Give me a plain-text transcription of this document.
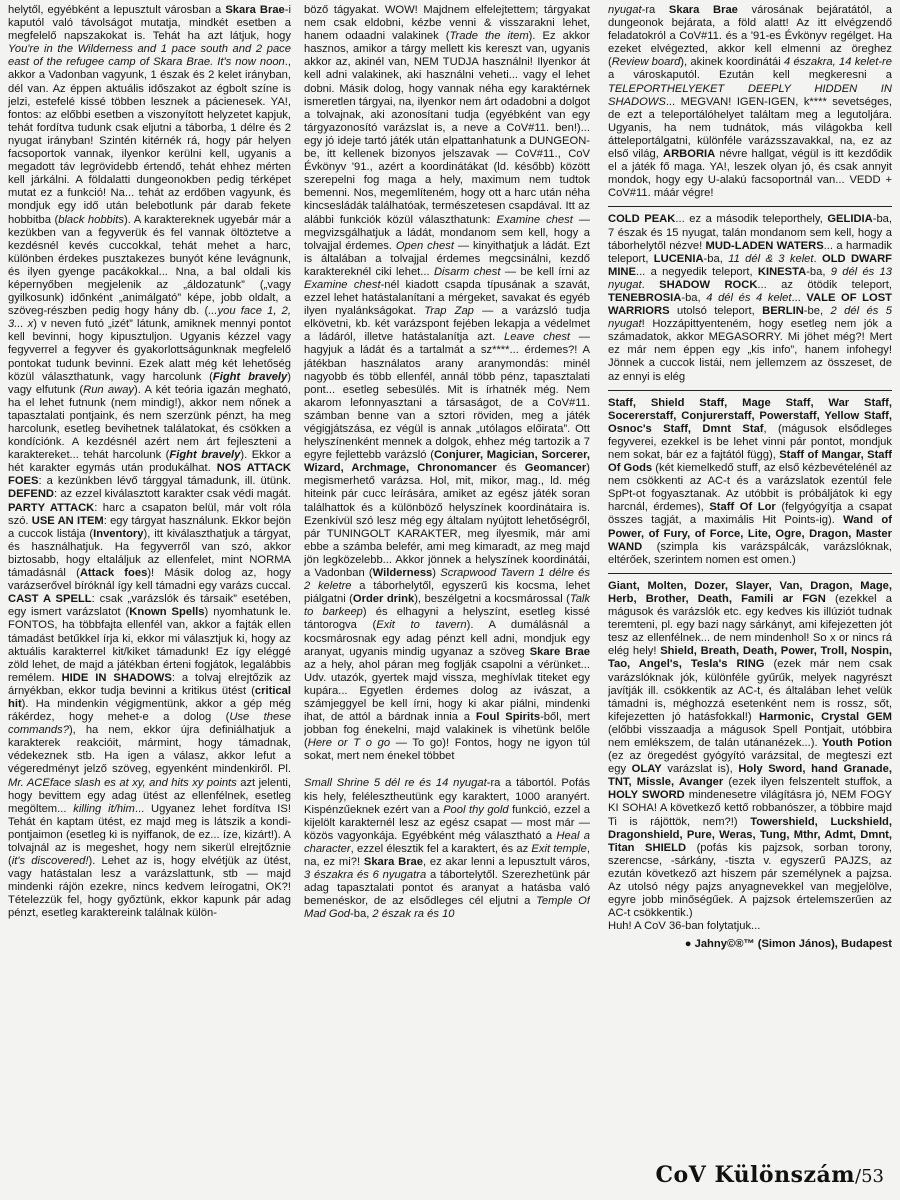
helytől, egyébként a lepusztult városban a Skara Brae-i kaputól való távolságot mutatja, mindkét esetben a megfelelő napszakokat is. Tehát ha azt látjuk, hogy You're in the Wilderness and 1 pace south and 2 pace east of the refugee camp of Skara Brae. It's now noon., akkor a Vadonban vagyunk, 1 észak és 2 kelet irányban, dél van. Az éppen aktuális időszakot az égbolt színe is jelzi, estefelé kissé többen lesznek a pácienesek. YA!, fontos: az előbbi esetben a viszonyított helyzetet kapjuk, tehát fordítva tudunk csak eljutni a táborba, 1 délre és 2 nyugat irányban! Szintén kitérnék rá, hogy pár helyen facsoportok vannak, ilyenkor kerülni kell, ugyanis a megadott táv legrövidebb értendő, tehát ehhez mérten kell járkálni. A földalatti dungeonokben pedig térképet mutat ez a funkció! Na... tehát az erdőben vagyunk, és mondjuk egy idő után belebotlunk pár darab fekete hobbitba (black hobbits). A karaktereknek ugyebár már a kezükben van a fegyverük és fel vannak öltöztetve a kezdésnél kevés cuccokkal, tehát mehet a harc, különben érdekes pusztakezes bunyót kéne levágnunk, és ilyen gyenge pacákokkal... Nna, a bal oldali kis képernyőben megjelenik az „áldozatunk” („vagy gyilkosunk) időnként „animálgató” képe, jobb oldalt, a szöveg-részben pedig hogy hány db. (...you face 1, 2, 3... x) v neven futó „izét” látunk, amiknek mennyi pontot kell bevinni, hogy kipusztuljon. Ugyanis kézzel vagy fegyverrel a fegyver és gyakorlottságunknak megfelelő pontokat tudunk bevinni. Ezek alatt még két lehetőség közül választhatunk, vagy harcolunk (Fight bravely) vagy elfutunk (Run away). A két teória igazán megható, ha el lehet futnunk (nem mindig!), akkor nem nőnek a tapasztalati pontjaink, és nem szerzünk pénzt, ha meg harcolunk, esetleg bevihetnek találatokat, és csökken a kondíciónk. A kezdésnél azért nem árt fejleszteni a karaktereket... tehát harcolunk (Fight bravely). Ekkor a hét karakter egymás után produkálhat. NOS ATTACK FOES: a kezünkben lévő tárggyal támadunk, ill. ütünk. DEFEND: az ezzel kiválasztott karakter csak védi magát. PARTY ATTACK: harc a csapaton belül, már volt róla szó. USE AN ITEM: egy tárgyat használunk. Ekkor bejön a cuccok listája (Inventory), itt kiválaszthatjuk a tárgyat, és használhatjuk. Ha fegyverről van szó, akkor biztosabb, hogy eltaláljuk az ellenfelet, mint NORMA támadásnál (Attack foes)! Másik dolog az, hogy varázserővel bíróknál így kell támadni egy varázs cuccal. CAST A SPELL: csak „varázslók és társaik” esetében, egy ismert varázslatot (Known Spells) nyomhatunk le. FONTOS, ha többfajta ellenfél van, akkor a fajták ellen támadást betűkkel írja ki, ekkor mi választjuk ki, hogy az aktuális karakterrel kit/kiket támadunk! Ez így eléggé zöld lehet, de majd a játékban érteni fogjátok, legalábbis remélem. HIDE IN SHADOWS: a tolvaj elrejtőzik az árnyékban, ekkor tudja bevinni a kritikus ütést (critical hit). Ha mindenkin végigmentünk, akkor a gép még rákérdez, hogy mehet-e a dolog (Use these commands?), ha nem, ekkor újra definiálhatjuk a karakterek reakcióit, mármint, hogy támadnak, védekeznek stb. Ha igen a válasz, akkor lefut a végeredményt jelző szöveg, egyenként mindenkiről. Pl. Mr. ACEface slash es at xy, and hits xy points azt jelenti, hogy bevittem egy adag ütést az ellenfélnek, esetleg megöltem... killing it/him... Ugyanez lehet fordítva IS! Tehát én kaptam ütést, ez majd meg is látszik a kondi-pontjaimon (esetleg ki is nyiffanok, de ez... íze, kizárt!). A tolvajnál az is megeshet, hogy nem sikerül elrejtőznie (it's discovered!). Lehet az is, hogy elvétjük az ütést, vagy hatástalan lesz a varázslattunk, stb — majd mindenki rájön ezekre, nincs kedvem leírogatni, OK?! Tételezzük fel, hogy győztünk, ekkor kapunk pár adag pénzt, esetleg karaktereink találnak külön-

böző tágyakat. WOW! Majdnem elfelejtettem; tárgyakat nem csak eldobni, kézbe venni & visszarakni lehet, hanem odaadni valakinek (Trade the item). Ez akkor hasznos, amikor a tárgy mellett kis kereszt van, ugyanis akkor az, akinél van, NEM TUDJA használni! Ilyenkor át kell adni valakinek, aki használni veheti... vagy el lehet dobni. Másik dolog, hogy vannak néha egy karaktérnek ismeretlen tárgyai, na, ilyenkor nem árt odadobni a dolgot a tolvajnak, aki azonosítani tudja (egyébként van egy tárgyazonosító varázslat is, a neve a CoV#11. ben!)... egy jó ideje tartó játék után elpattanhatunk a DUNGEON-be, itt kellenek bizonyos jelszavak — CoV#11., CoV Évkönyv '91., azért a koordinátákat (ld. később) között szerepelni fog maga a hely, maximum nem tudtok bemenni. Nos, megemlíteném, hogy ott a harc után néha kincsesládák találhatóak, természetesen csapdával. Itt az alábbi funkciók közül választhatunk: Examine chest — megvizsgálhatjuk a ládát, mondanom sem kell, hogy a tolvajjal érdemes. Open chest — kinyithatjuk a ládát. Ezt is általában a tolvajjal érdemes megcsinálni, kezdő karaktereknél ciki lehet... Disarm chest — be kell írni az Examine chest-nél kiadott csapda típusának a szavát, ezzel lehet hatástalanítani a mérgeket, savakat és egyéb ilyen nyalánkságokat. Trap Zap — a varázsló tudja elkövetni, kb. két varázspont fejében lekapja a védelmet a ládáról, illetve hatástalanítja azt. Leave chest — hagyjuk a ládát és a tartalmát a sz****... érdemes?! A játékban használatos arany aranymondás: minél nagyobb és több ellenfél, annál több pénz, tapasztalati pont... esetleg sebesülés. Mit is írhatnék még. Nem akarom lefonnyasztani a társaságot, de a CoV#11. számban benne van a sztori röviden, meg a játék végigjátszása, ez végül is annak „utólagos előirata”. Ott helyszínenként mennek a dolgok, ehhez még tartozik a 7 egyre fejlettebb varázsló (Conjurer, Magician, Sorcerer, Wizard, Archmage, Chronomancer és Geomancer) megismerhető varázsa. Hol, mit, mikor, mag., ld. még hiteink pár cucc leírására, amiket az egész játék soran találhattok és a különböző helyszínek koordinátaira is. Ezenkívül szó lesz még egy általam nyújtott lehetőségről, pár TUNINGOLT KARAKTER, meg ilyesmik, már ami ebbe a számba belefér, ami meg kimaradt, az meg majd jön legközelebb... Akkor jönnek a helyszínek koordinátái, a Vadonban (Wilderness) Scrapwood Tavern 1 délre és 2 keletre a táborhelytől, egyszerű kis kocsma, lehet piálgatni (Order drink), beszélgetni a kocsmárossal (Talk to barkeep) és elhagyni a helyszínt, esetleg kissé tántorogva (Exit to tavern). A dumálásnál a kocsmárosnak egy adag pénzt kell adni, mondjuk egy aranyat, ugyanis mindig ugyanaz a szöveg Skare Brae az a hely, ahol páran meg foglják csapolni a vérünket... Udv. utazók, gyertek majd vissza, meghívlak titeket egy kupára... Egyetlen érdemes dolog az ivászat, a számjeggyel be kell írni, hogy ki akar piálni, mindenki ihat, de attól a bárdnak innia a Foul Spirits-ből, mert jobban fog énekelni, majd valakinek is vihetünk belőle (Here or T o go — To go)! Fontos, hogy ne igyon túl sokat, mert nem énekel többet

Small Shrine 5 dél re és 14 nyugat-ra a tábortól. Pofás kis hely, felélesztheutünk egy karaktert, 1000 aranyért. Kispénzűeknek ezért van a Pool thy gold funkció, ezzel a kijelölt karakternél lesz az egész csapat — most már — közös vagyonkája. Egyébként még választható a Heal a character, ezzel élesztik fel a karaktert, és az Exit temple, na, ez mi?! Skara Brae, ez akar lenni a lepusztult város, 3 északra és 6 nyugatra a tábortelytől. Szerezhetünk pár adag tapasztalati pontot és aranyat a hatásba való bemenéskor, de az elsődleges cél eljutni a Temple Of Mad God-ba, 2 észak ra és 10

nyugat-ra Skara Brae városának bejáratától, a dungeonok bejárata, a föld alatt! Az itt elvégzendő feladatokról a CoV#11. és a '91-es Évkönyv regélget. Ha ezeket elvégezted, akkor kell elmenni az öreghez (Review board), akinek koordinátái 4 északra, 14 kelet-re a városkaputól. Ezután kell megkeresni a TELEPORTHELYEKET DEEPLY HIDDEN IN SHADOWS... MEGVAN! IGEN-IGEN, k**** sevetséges, de ezt a teleportálóhelyet találtam meg a legutoljára. Ugyanis, ha nem tudnátok, más világokba kell átteleportálgatni, különféle varázsszavakkal, na, ez az első világ, ARBORIA névre hallgat, végül is itt kezdődik el a játék fő maga. YA!, leszek olyan jó, és csak annyit mondok, hogy egy U-alakú facsoportnál van... VEDD + CoV#11. máár végre!

COLD PEAK... ez a második teleporthely, GELIDIA-ba, 7 észak és 15 nyugat, talán mondanom sem kell, hogy a táborhelytől nézve! MUD-LADEN WATERS... a harmadik teleport, LUCENIA-ba, 11 dél & 3 kelet. OLD DWARF MINE... a negyedik teleport, KINESTA-ba, 9 dél és 13 nyugat. SHADOW ROCK... az ötödik teleport, TENEBROSIA-ba, 4 dél és 4 kelet... VALE OF LOST WARRIORS utolsó teleport, BERLIN-be, 2 dél és 5 nyugat! Hozzápittyenteném, hogy esetleg nem jók a számadatok, akkor MEGASORRY. Mi jöhet még?! Mert ez már nem éppen egy „kis info”, hanem infohegy! Jönnek a cuccok listái, nem jellemzem az összeset, de az ennyi is elég

Staff, Shield Staff, Mage Staff, War Staff, Socererstaff, Conjurerstaff, Powerstaff, Yellow Staff, Osnoc's Staff, Dmnt Staf, (mágusok elsődleges fegyverei, ezekkel is be lehet vinni pár pontot, mondjuk nem sokat, bár ez a fajtától függ), Staff of Mangar, Staff Of Gods (két kiemelkedő stuff, az első kézbevételénél az nem csökkenti az AC-t és a varázslatok ezentúl fele SpPt-ot fogyasztanak. Az utóbbit is próbáljátok ki egy harcnál, érdemes), Staff Of Lor (felgyógyítja a csapat összes tagját, a maximális Hit Points-ig). Wand of Power, of Fury, of Force, Lite, Ogre, Dragon, Master WAND (szimpla kis varázspálcák, varázslóknak, eltérőek, szerintem nomen est omen.)

Giant, Molten, Dozer, Slayer, Van, Dragon, Mage, Herb, Brother, Death, Famili ar FGN (ezekkel a mágusok és varázslók etc. egy kedves kis illúziót tudnak teremteni, pl. egy bazi nagy sárkányt, ami kifejezetten jót tesz az ellenfélnek... de nem mindenhol! So x or nincs rá elég hely! Shield, Breath, Death, Power, Troll, Nospin, Tao, Angel's, Tesla's RING (ezek már nem csak varázslóknak jók, különféle gyűrűk, melyek nagyrészt javítják ill. csökkentik az AC-t, és általában lehet velük támadni is, méghozzá esetenként nem is rossz, sőt, kifejezetten jó hatásfokkal!) Harmonic, Crystal GEM (előbbi visszaadja a mágusok Spell Pontjait, utóbbira nem emlékszem, de talán utánanézek...). Youth Potion (ez az öregedést gyógyító varázsital, de megteszi ezt egy OLAY varázslat is), Holy Sword, hand Granade, TNT, Missle, Avanger (ezek ilyen felszentelt stuffok, a HOLY SWORD mindenesetre világításra jó, NEM FOGY KI SOHA! A következő kettő robbanószer, a többire majd Ti is rájöttök, nem?!) Towershield, Luckshield, Dragonshield, Pure, Weras, Tung, Mthr, Admt, Dmnt, Titan SHIELD (pofás kis pajzsok, sorban torony, szerencse, -sárkány, -tiszta v. egyszerű PAJZS, az ezután következő azt hiszem pár személynek a pajzsa. Az utolsó négy pajzs anyagnevekkel van megjelölve, egyre jobb minőségűek. A pajzsok értelemszerűen az AC-t csökkentik.)

Huh! A CoV 36-ban folytatjuk...

● Jahny©®™ (Simon János), Budapest

CoV Különszám/53
